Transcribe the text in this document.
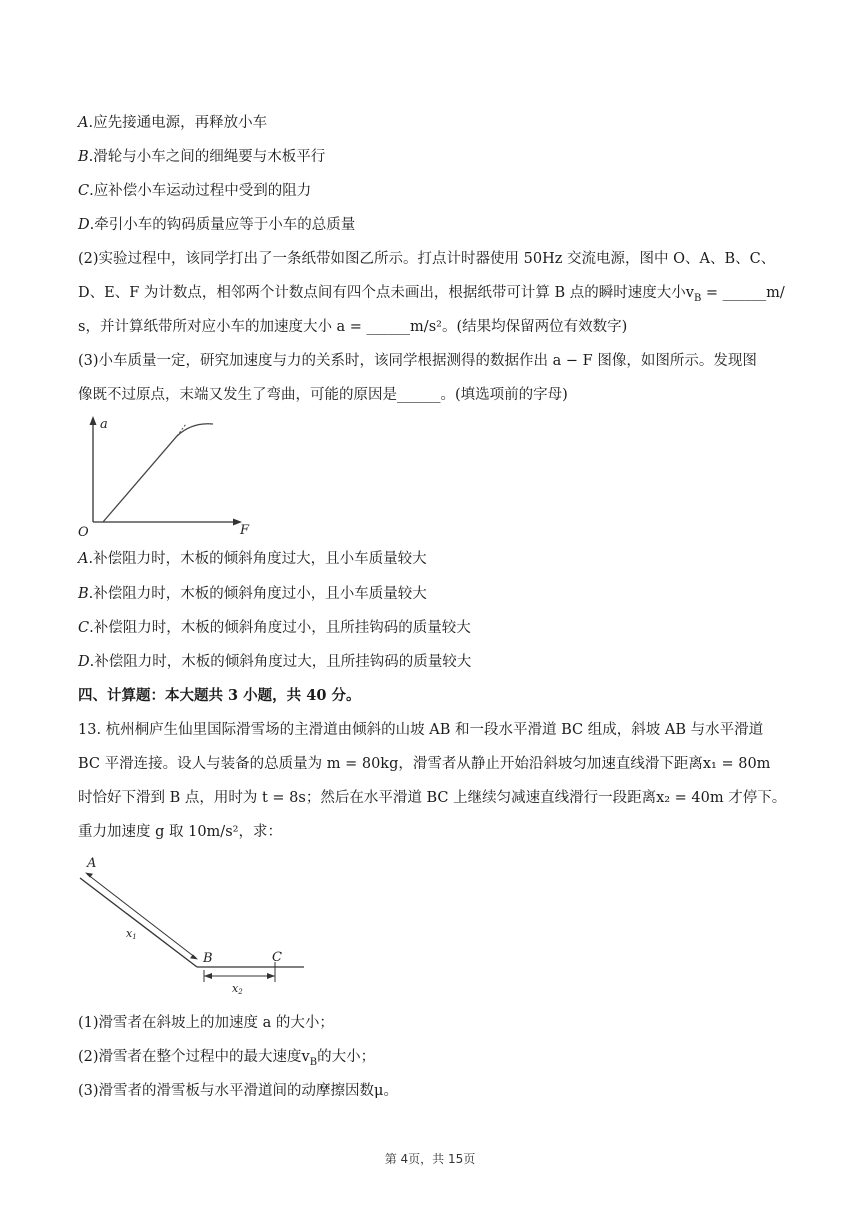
A.应先接通电源，再释放小车
B.滑轮与小车之间的细绳要与木板平行
C.应补偿小车运动过程中受到的阻力
D.牵引小车的钩码质量应等于小车的总质量
(2)实验过程中，该同学打出了一条纸带如图乙所示。打点计时器使用 50Hz 交流电源，图中 O、A、B、C、
D、E、F 为计数点，相邻两个计数点间有四个点未画出，根据纸带可计算 B 点的瞬时速度大小$v_B$ = ______m/
s，并计算纸带所对应小车的加速度大小 a = ______m/s²。(结果均保留两位有效数字)
(3)小车质量一定，研究加速度与力的关系时，该同学根据测得的数据作出 a − F 图像，如图所示。发现图
像既不过原点，末端又发生了弯曲，可能的原因是______。(填选项前的字母)
a
F
O
A.补偿阻力时，木板的倾斜角度过大，且小车质量较大
B.补偿阻力时，木板的倾斜角度过小，且小车质量较大
C.补偿阻力时，木板的倾斜角度过小，且所挂钩码的质量较大
D.补偿阻力时，木板的倾斜角度过大，且所挂钩码的质量较大
四、计算题：本大题共 3 小题，共 40 分。
13. 杭州桐庐生仙里国际滑雪场的主滑道由倾斜的山坡 AB 和一段水平滑道 BC 组成，斜坡 AB 与水平滑道
BC 平滑连接。设人与装备的总质量为 m = 80kg，滑雪者从静止开始沿斜坡匀加速直线滑下距离x₁ = 80m
时恰好下滑到 B 点，用时为 t = 8s；然后在水平滑道 BC 上继续匀减速直线滑行一段距离x₂ = 40m 才停下。
重力加速度 g 取 10m/s²，求：
A
B	C
x1
x2
(1)滑雪者在斜坡上的加速度 a 的大小；
(2)滑雪者在整个过程中的最大速度$v_B$的大小；
(3)滑雪者的滑雪板与水平滑道间的动摩擦因数μ。
第 4页，共 15页
